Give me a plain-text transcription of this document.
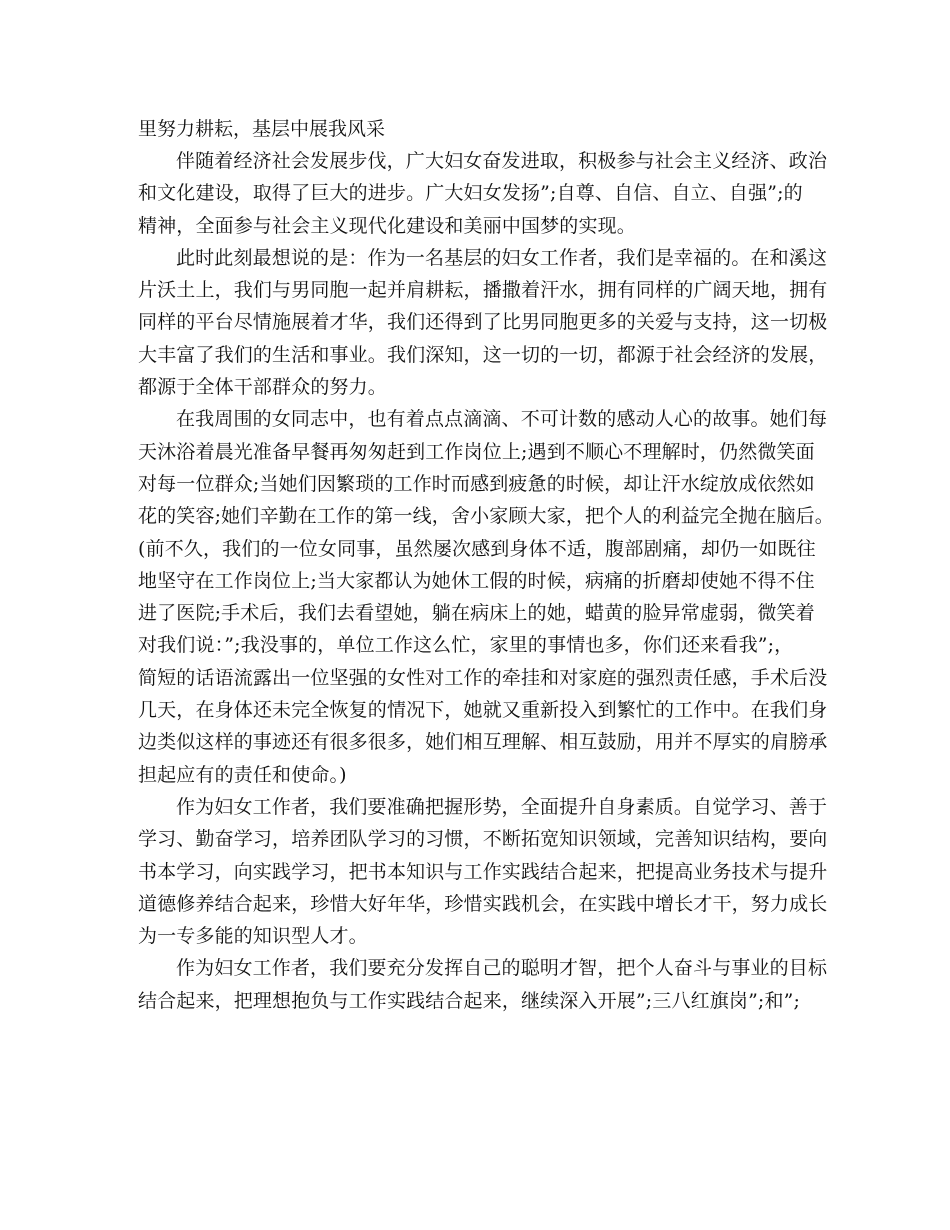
里努力耕耘，基层中展我风采

伴随着经济社会发展步伐，广大妇女奋发进取，积极参与社会主义经济、政治
和文化建设，取得了巨大的进步。广大妇女发扬”;自尊、自信、自立、自强”;的
精神，全面参与社会主义现代化建设和美丽中国梦的实现。

此时此刻最想说的是：作为一名基层的妇女工作者，我们是幸福的。在和溪这
片沃土上，我们与男同胞一起并肩耕耘，播撒着汗水，拥有同样的广阔天地，拥有
同样的平台尽情施展着才华，我们还得到了比男同胞更多的关爱与支持，这一切极
大丰富了我们的生活和事业。我们深知，这一切的一切，都源于社会经济的发展，
都源于全体干部群众的努力。

在我周围的女同志中，也有着点点滴滴、不可计数的感动人心的故事。她们每
天沐浴着晨光准备早餐再匆匆赶到工作岗位上;遇到不顺心不理解时，仍然微笑面
对每一位群众;当她们因繁琐的工作时而感到疲惫的时候，却让汗水绽放成依然如
花的笑容;她们辛勤在工作的第一线，舍小家顾大家，把个人的利益完全抛在脑后。
(前不久，我们的一位女同事，虽然屡次感到身体不适，腹部剧痛，却仍一如既往
地坚守在工作岗位上;当大家都认为她休工假的时候，病痛的折磨却使她不得不住
进了医院;手术后，我们去看望她，躺在病床上的她，蜡黄的脸异常虚弱，微笑着
对我们说：”;我没事的，单位工作这么忙，家里的事情也多，你们还来看我”;，
简短的话语流露出一位坚强的女性对工作的牵挂和对家庭的强烈责任感，手术后没
几天，在身体还未完全恢复的情况下，她就又重新投入到繁忙的工作中。在我们身
边类似这样的事迹还有很多很多，她们相互理解、相互鼓励，用并不厚实的肩膀承
担起应有的责任和使命。)

作为妇女工作者，我们要准确把握形势，全面提升自身素质。自觉学习、善于
学习、勤奋学习，培养团队学习的习惯，不断拓宽知识领域，完善知识结构，要向
书本学习，向实践学习，把书本知识与工作实践结合起来，把提高业务技术与提升
道德修养结合起来，珍惜大好年华，珍惜实践机会，在实践中增长才干，努力成长
为一专多能的知识型人才。

作为妇女工作者，我们要充分发挥自己的聪明才智，把个人奋斗与事业的目标
结合起来，把理想抱负与工作实践结合起来，继续深入开展”;三八红旗岗”;和”;
